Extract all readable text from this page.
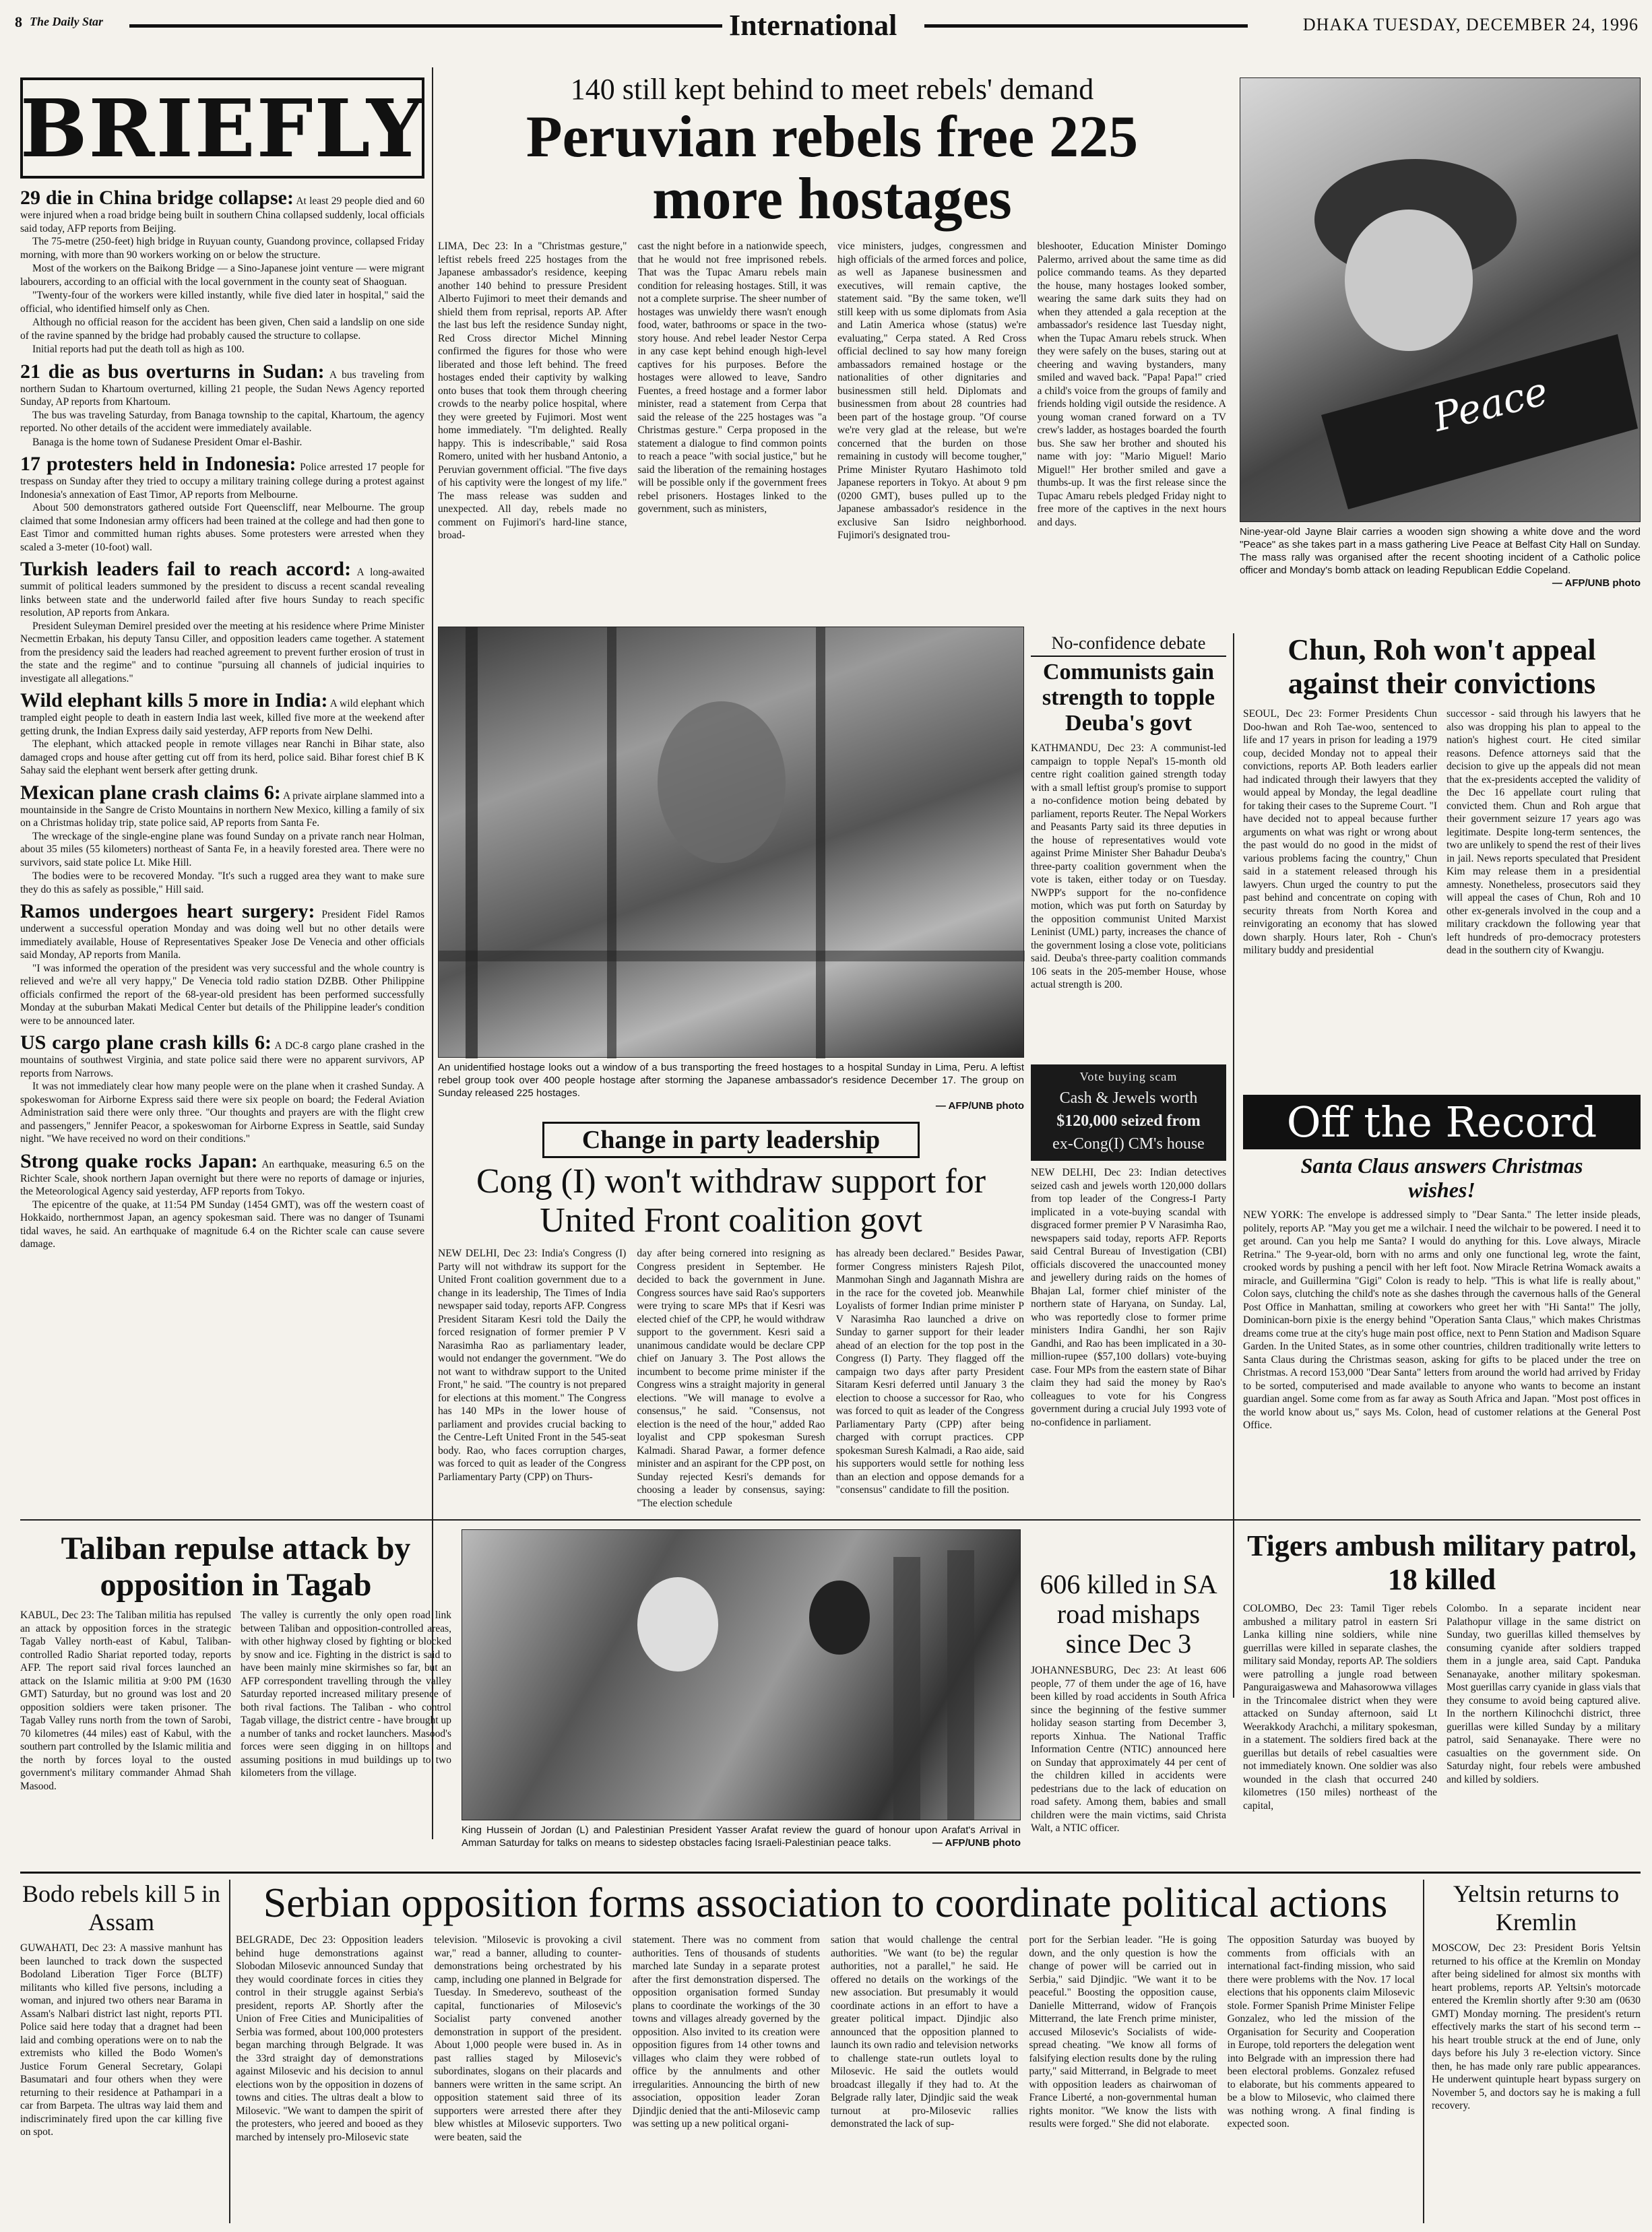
8 The Daily Star	International	DHAKA TUESDAY, DECEMBER 24, 1996
BRIEFLY
29 die in China bridge collapse: At least 29 people died and 60 were injured when a road bridge being built in southern China collapsed suddenly, local officials said today, AFP reports from Beijing.

The 75-metre (250-feet) high bridge in Ruyuan county, Guandong province, collapsed Friday morning, with more than 90 workers working on or below the structure.

Most of the workers on the Baikong Bridge — a Sino-Japanese joint venture — were migrant labourers, according to an official with the local government in the county seat of Shaoguan.

"Twenty-four of the workers were killed instantly, while five died later in hospital," said the official, who identified himself only as Chen.

Although no official reason for the accident has been given, Chen said a landslip on one side of the ravine spanned by the bridge had probably caused the structure to collapse.

Initial reports had put the death toll as high as 100.

21 die as bus overturns in Sudan: A bus traveling from northern Sudan to Khartoum overturned, killing 21 people, the Sudan News Agency reported Sunday, AP reports from Khartoum.

The bus was traveling Saturday, from Banaga township to the capital, Khartoum, the agency reported. No other details of the accident were immediately available.

Banaga is the home town of Sudanese President Omar el-Bashir.

17 protesters held in Indonesia: Police arrested 17 people for trespass on Sunday after they tried to occupy a military training college during a protest against Indonesia's annexation of East Timor, AP reports from Melbourne.

About 500 demonstrators gathered outside Fort Queenscliff, near Melbourne. The group claimed that some Indonesian army officers had been trained at the college and had then gone to East Timor and committed human rights abuses. Some protesters were arrested when they scaled a 3-meter (10-foot) wall.

Turkish leaders fail to reach accord: A long-awaited summit of political leaders summoned by the president to discuss a recent scandal revealing links between state and the underworld failed after five hours Sunday to reach specific resolution, AP reports from Ankara.

President Suleyman Demirel presided over the meeting at his residence where Prime Minister Necmettin Erbakan, his deputy Tansu Ciller, and opposition leaders came together. A statement from the presidency said the leaders had reached agreement to prevent further erosion of trust in the state and the regime" and to continue "pursuing all channels of judicial inquiries to investigate all allegations."

Wild elephant kills 5 more in India: A wild elephant which trampled eight people to death in eastern India last week, killed five more at the weekend after getting drunk, the Indian Express daily said yesterday, AFP reports from New Delhi.

The elephant, which attacked people in remote villages near Ranchi in Bihar state, also damaged crops and house after getting cut off from its herd, police said. Bihar forest chief B K Sahay said the elephant went berserk after getting drunk.

Mexican plane crash claims 6: A private airplane slammed into a mountainside in the Sangre de Cristo Mountains in northern New Mexico, killing a family of six on a Christmas holiday trip, state police said, AP reports from Santa Fe.

The wreckage of the single-engine plane was found Sunday on a private ranch near Holman, about 35 miles (55 kilometers) northeast of Santa Fe, in a heavily forested area. There were no survivors, said state police Lt. Mike Hill.

The bodies were to be recovered Monday. "It's such a rugged area they want to make sure they do this as safely as possible," Hill said.

Ramos undergoes heart surgery: President Fidel Ramos underwent a successful operation Monday and was doing well but no other details were immediately available, House of Representatives Speaker Jose De Venecia and other officials said Monday, AP reports from Manila.

"I was informed the operation of the president was very successful and the whole country is relieved and we're all very happy," De Venecia told radio station DZBB. Other Philippine officials confirmed the report of the 68-year-old president has been performed successfully Monday at the suburban Makati Medical Center but details of the Philippine leader's condition were to be announced later.

US cargo plane crash kills 6: A DC-8 cargo plane crashed in the mountains of southwest Virginia, and state police said there were no apparent survivors, AP reports from Narrows.

It was not immediately clear how many people were on the plane when it crashed Sunday. A spokeswoman for Airborne Express said there were six people on board; the Federal Aviation Administration said there were only three. "Our thoughts and prayers are with the flight crew and passengers," Jennifer Peacor, a spokeswoman for Airborne Express in Seattle, said Sunday night. "We have received no word on their conditions."

Strong quake rocks Japan: An earthquake, measuring 6.5 on the Richter Scale, shook northern Japan overnight but there were no reports of damage or injuries, the Meteorological Agency said yesterday, AFP reports from Tokyo.

The epicentre of the quake, at 11:54 PM Sunday (1454 GMT), was off the western coast of Hokkaido, northernmost Japan, an agency spokesman said. There was no danger of Tsunami tidal waves, he said. An earthquake of magnitude 6.4 on the Richter scale can cause severe damage.

140 still kept behind to meet rebels' demand
Peruvian rebels free 225
more hostages
LIMA, Dec 23: In a "Christmas gesture," leftist rebels freed 225 hostages from the Japanese ambassador's residence, keeping another 140 behind to pressure President Alberto Fujimori to meet their demands and shield them from reprisal, reports AP. After the last bus left the residence Sunday night, Red Cross director Michel Minning confirmed the figures for those who were liberated and those left behind. The freed hostages ended their captivity by walking onto buses that took them through cheering crowds to the nearby police hospital, where they were greeted by Fujimori. Most went home immediately. "I'm delighted. Really happy. This is indescribable," said Rosa Romero, united with her husband Antonio, a Peruvian government official. "The five days of his captivity were the longest of my life." The mass release was sudden and unexpected. All day, rebels made no comment on Fujimori's hard-line stance, broad-
cast the night before in a nationwide speech, that he would not free imprisoned rebels. That was the Tupac Amaru rebels main condition for releasing hostages. Still, it was not a complete surprise. The sheer number of hostages was unwieldy there wasn't enough food, water, bathrooms or space in the two-story house. And rebel leader Nestor Cerpa in any case kept behind enough high-level captives for his purposes. Before the hostages were allowed to leave, Sandro Fuentes, a freed hostage and a former labor minister, read a statement from Cerpa that said the release of the 225 hostages was "a Christmas gesture." Cerpa proposed in the statement a dialogue to find common points to reach a peace "with social justice," but he said the liberation of the remaining hostages will be possible only if the government frees rebel prisoners. Hostages linked to the government, such as ministers,
vice ministers, judges, congressmen and high officials of the armed forces and police, as well as Japanese businessmen and executives, will remain captive, the statement said. "By the same token, we'll still keep with us some diplomats from Asia and Latin America whose (status) we're evaluating," Cerpa stated. A Red Cross official declined to say how many foreign ambassadors remained hostage or the nationalities of other dignitaries and businessmen still held. Diplomats and businessmen from about 28 countries had been part of the hostage group. "Of course we're very glad at the release, but we're concerned that the burden on those remaining in custody will become tougher," Prime Minister Ryutaro Hashimoto told Japanese reporters in Tokyo. At about 9 pm (0200 GMT), buses pulled up to the Japanese ambassador's residence in the exclusive San Isidro neighborhood. Fujimori's designated trou-
bleshooter, Education Minister Domingo Palermo, arrived about the same time as did police commando teams. As they departed the house, many hostages looked somber, wearing the same dark suits they had on when they attended a gala reception at the ambassador's residence last Tuesday night, when the Tupac Amaru rebels struck. When they were safely on the buses, staring out at cheering and waving bystanders, many smiled and waved back. "Papa! Papa!" cried a child's voice from the groups of family and friends holding vigil outside the residence. A young woman craned forward on a TV crew's ladder, as hostages boarded the fourth bus. She saw her brother and shouted his name with joy: "Mario Miguel! Mario Miguel!" Her brother smiled and gave a thumbs-up. It was the first release since the Tupac Amaru rebels pledged Friday night to free more of the captives in the next hours and days.
An unidentified hostage looks out a window of a bus transporting the freed hostages to a hospital Sunday in Lima, Peru. A leftist rebel group took over 400 people hostage after storming the Japanese ambassador's residence December 17. The group on Sunday released 225 hostages.
— AFP/UNB photo
Peace
Nine-year-old Jayne Blair carries a wooden sign showing a white dove and the word "Peace" as she takes part in a mass gathering Live Peace at Belfast City Hall on Sunday. The mass rally was organised after the recent shooting incident of a Catholic police officer and Monday's bomb attack on leading Republican Eddie Copeland.
— AFP/UNB photo
No-confidence debate
Communists gain strength to topple Deuba's govt
KATHMANDU, Dec 23: A communist-led campaign to topple Nepal's 15-month old centre right coalition gained strength today with a small leftist group's promise to support a no-confidence motion being debated by parliament, reports Reuter. The Nepal Workers and Peasants Party said its three deputies in the house of representatives would vote against Prime Minister Sher Bahadur Deuba's three-party coalition government when the vote is taken, either today or on Tuesday. NWPP's support for the no-confidence motion, which was put forth on Saturday by the opposition communist United Marxist Leninist (UML) party, increases the chance of the government losing a close vote, politicians said. Deuba's three-party coalition commands 106 seats in the 205-member House, whose actual strength is 200.
Chun, Roh won't appeal against their convictions
SEOUL, Dec 23: Former Presidents Chun Doo-hwan and Roh Tae-woo, sentenced to life and 17 years in prison for leading a 1979 coup, decided Monday not to appeal their convictions, reports AP. Both leaders earlier had indicated through their lawyers that they would appeal by Monday, the legal deadline for taking their cases to the Supreme Court. "I have decided not to appeal because further arguments on what was right or wrong about the past would do no good in the midst of various problems facing the country," Chun said in a statement released through his lawyers. Chun urged the country to put the past behind and concentrate on coping with security threats from North Korea and reinvigorating an economy that has slowed down sharply. Hours later, Roh - Chun's military buddy and presidential
successor - said through his lawyers that he also was dropping his plan to appeal to the nation's highest court. He cited similar reasons. Defence attorneys said that the decision to give up the appeals did not mean that the ex-presidents accepted the validity of the Dec 16 appellate court ruling that convicted them. Chun and Roh argue that their government seizure 17 years ago was legitimate. Despite long-term sentences, the two are unlikely to spend the rest of their lives in jail. News reports speculated that President Kim may release them in a presidential amnesty. Nonetheless, prosecutors said they will appeal the cases of Chun, Roh and 10 other ex-generals involved in the coup and a military crackdown the following year that left hundreds of pro-democracy protesters dead in the southern city of Kwangju.
Change in party leadership
Cong (I) won't withdraw support for United Front coalition govt
NEW DELHI, Dec 23: India's Congress (I) Party will not withdraw its support for the United Front coalition government due to a change in its leadership, The Times of India newspaper said today, reports AFP. Congress President Sitaram Kesri told the Daily the forced resignation of former premier P V Narasimha Rao as parliamentary leader, would not endanger the government. "We do not want to withdraw support to the United Front," he said. "The country is not prepared for elections at this moment." The Congress has 140 MPs in the lower house of parliament and provides crucial backing to the Centre-Left United Front in the 545-seat body. Rao, who faces corruption charges, was forced to quit as leader of the Congress Parliamentary Party (CPP) on Thurs-
day after being cornered into resigning as Congress president in September. He decided to back the government in June. Congress sources have said Rao's supporters were trying to scare MPs that if Kesri was elected chief of the CPP, he would withdraw support to the government. Kesri said a unanimous candidate would be declare CPP chief on January 3. The Post allows the incumbent to become prime minister if the Congress wins a straight majority in general elections. "We will manage to evolve a consensus," he said. "Consensus, not election is the need of the hour," added Rao loyalist and CPP spokesman Suresh Kalmadi. Sharad Pawar, a former defence minister and an aspirant for the CPP post, on Sunday rejected Kesri's demands for choosing a leader by consensus, saying: "The election schedule
has already been declared." Besides Pawar, former Congress ministers Rajesh Pilot, Manmohan Singh and Jagannath Mishra are in the race for the coveted job. Meanwhile Loyalists of former Indian prime minister P V Narasimha Rao launched a drive on Sunday to garner support for their leader ahead of an election for the top post in the Congress (I) Party. They flagged off the campaign two days after party President Sitaram Kesri deferred until January 3 the election to choose a successor for Rao, who was forced to quit as leader of the Congress Parliamentary Party (CPP) after being charged with corrupt practices. CPP spokesman Suresh Kalmadi, a Rao aide, said his supporters would settle for nothing less than an election and oppose demands for a "consensus" candidate to fill the position.
Vote buying scam
Cash & Jewels worth
$120,000 seized from
ex-Cong(I) CM's house
NEW DELHI, Dec 23: Indian detectives seized cash and jewels worth 120,000 dollars from top leader of the Congress-I Party implicated in a vote-buying scandal with disgraced former premier P V Narasimha Rao, newspapers said today, reports AFP. Reports said Central Bureau of Investigation (CBI) officials discovered the unaccounted money and jewellery during raids on the homes of Bhajan Lal, former chief minister of the northern state of Haryana, on Sunday. Lal, who was reportedly close to former prime ministers Indira Gandhi, her son Rajiv Gandhi, and Rao has been implicated in a 30-million-rupee ($57,100 dollars) vote-buying case. Four MPs from the eastern state of Bihar claim they had said the money by Rao's colleagues to vote for his Congress government during a crucial July 1993 vote of no-confidence in parliament.
Off the Record
Santa Claus answers Christmas wishes!
NEW YORK: The envelope is addressed simply to "Dear Santa." The letter inside pleads, politely, reports AP. "May you get me a wilchair. I need the wilchair to be powered. I need it to get around. Can you help me Santa? I would do anything for this. Love always, Miracle Retrina." The 9-year-old, born with no arms and only one functional leg, wrote the faint, crooked words by pushing a pencil with her left foot. Now Miracle Retrina Womack awaits a miracle, and Guillermina "Gigi" Colon is ready to help. "This is what life is really about," Colon says, clutching the child's note as she dashes through the cavernous halls of the General Post Office in Manhattan, smiling at coworkers who greet her with "Hi Santa!" The jolly, Dominican-born pixie is the energy behind "Operation Santa Claus," which makes Christmas dreams come true at the city's huge main post office, next to Penn Station and Madison Square Garden. In the United States, as in some other countries, children traditionally write letters to Santa Claus during the Christmas season, asking for gifts to be placed under the tree on Christmas. A record 153,000 "Dear Santa" letters from around the world had arrived by Friday to be sorted, computerised and made available to anyone who wants to become an instant guardian angel. Some come from as far away as South Africa and Japan. "Most post offices in the world know about us," says Ms. Colon, head of customer relations at the General Post Office.
Taliban repulse attack by opposition in Tagab
KABUL, Dec 23: The Taliban militia has repulsed an attack by opposition forces in the strategic Tagab Valley north-east of Kabul, Taliban-controlled Radio Shariat reported today, reports AFP. The report said rival forces launched an attack on the Islamic militia at 9:00 PM (1630 GMT) Saturday, but no ground was lost and 20 opposition soldiers were taken prisoner. The Tagab Valley runs north from the town of Sarobi, 70 kilometres (44 miles) east of Kabul, with the southern part controlled by the Islamic militia and the north by forces loyal to the ousted government's military commander Ahmad Shah Masood.
The valley is currently the only open road link between Taliban and opposition-controlled areas, with other highway closed by fighting or blocked by snow and ice. Fighting in the district is said to have been mainly mine skirmishes so far, but an AFP correspondent travelling through the valley Saturday reported increased military presence of both rival factions. The Taliban - who control Tagab village, the district centre - have brought up a number of tanks and rocket launchers. Masood's forces were seen digging in on hilltops and assuming positions in mud buildings up to two kilometers from the village.
King Hussein of Jordan (L) and Palestinian President Yasser Arafat review the guard of honour upon Arafat's Arrival in Amman Saturday for talks on means to sidestep obstacles facing Israeli-Palestinian peace talks.	— AFP/UNB photo
606 killed in SA road mishaps since Dec 3
JOHANNESBURG, Dec 23: At least 606 people, 77 of them under the age of 16, have been killed by road accidents in South Africa since the beginning of the festive summer holiday season starting from December 3, reports Xinhua. The National Traffic Information Centre (NTIC) announced here on Sunday that approximately 44 per cent of the children killed in accidents were pedestrians due to the lack of education on road safety. Among them, babies and small children were the main victims, said Christa Walt, a NTIC officer.
Tigers ambush military patrol, 18 killed
COLOMBO, Dec 23: Tamil Tiger rebels ambushed a military patrol in eastern Sri Lanka killing nine soldiers, while nine guerrillas were killed in separate clashes, the military said Monday, reports AP. The soldiers were patrolling a jungle road between Panguraigaswewa and Mahasorowwa villages in the Trincomalee district when they were attacked on Sunday afternoon, said Lt Weerakkody Arachchi, a military spokesman, in a statement. The soldiers fired back at the guerillas but details of rebel casualties were not immediately known. One soldier was also wounded in the clash that occurred 240 kilometres (150 miles) northeast of the capital,
Colombo. In a separate incident near Palathopur village in the same district on Sunday, two guerillas killed themselves by consuming cyanide after soldiers trapped them in a jungle area, said Capt. Panduka Senanayake, another military spokesman. Most guerillas carry cyanide in glass vials that they consume to avoid being captured alive. In the northern Kilinochchi district, three guerillas were killed Sunday by a military patrol, said Senanayake. There were no casualties on the government side. On Saturday night, four rebels were ambushed and killed by soldiers.
Bodo rebels kill 5 in Assam
GUWAHATI, Dec 23: A massive manhunt has been launched to track down the suspected Bodoland Liberation Tiger Force (BLTF) militants who killed five persons, including a woman, and injured two others near Barama in Assam's Nalbari district last night, reports PTI. Police said here today that a dragnet had been laid and combing operations were on to nab the extremists who killed the Bodo Women's Justice Forum General Secretary, Golapi Basumatari and four others when they were returning to their residence at Pathampari in a car from Barpeta. The ultras way laid them and indiscriminately fired upon the car killing five on spot.
Serbian opposition forms association to coordinate political actions
BELGRADE, Dec 23: Opposition leaders behind huge demonstrations against Slobodan Milosevic announced Sunday that they would coordinate forces in cities they control in their struggle against Serbia's president, reports AP. Shortly after the Union of Free Cities and Municipalities of Serbia was formed, about 100,000 protesters began marching through Belgrade. It was the 33rd straight day of demonstrations against Milosevic and his decision to annul elections won by the opposition in dozens of towns and cities. The ultras dealt a blow to Milosevic. "We want to dampen the spirit of the protesters, who jeered and booed as they marched by intensely pro-Milosevic state
television. "Milosevic is provoking a civil war," read a banner, alluding to counter-demonstrations being orchestrated by his camp, including one planned in Belgrade for Tuesday. In Smederevo, southeast of the capital, functionaries of Milosevic's Socialist party convened another demonstration in support of the president. About 1,000 people were bused in. As in past rallies staged by Milosevic's subordinates, slogans on their placards and banners were written in the same script. An opposition statement said three of its supporters were arrested there after they blew whistles at Milosevic supporters. Two were beaten, said the
statement. There was no comment from authorities. Tens of thousands of students marched late Sunday in a separate protest after the first demonstration dispersed. The opposition organisation formed Sunday plans to coordinate the workings of the 30 towns and villages already governed by the opposition. Also invited to its creation were opposition figures from 14 other towns and villages who claim they were robbed of office by the annulments and other irregularities. Announcing the birth of new association, opposition leader Zoran Djindjic denied that the anti-Milosevic camp was setting up a new political organi-
sation that would challenge the central authorities. "We want (to be) the regular authorities, not a parallel," he said. He offered no details on the workings of the new association. But presumably it would coordinate actions in an effort to have a greater political impact. Djindjic also announced that the opposition planned to launch its own radio and television networks to challenge state-run outlets loyal to Milosevic. He said the outlets would broadcast illegally if they had to. At the Belgrade rally later, Djindjic said the weak turnout at pro-Milosevic rallies demonstrated the lack of sup-
port for the Serbian leader. "He is going down, and the only question is how the change of power will be carried out in Serbia," said Djindjic. "We want it to be peaceful." Boosting the opposition cause, Danielle Mitterrand, widow of François Mitterrand, the late French prime minister, accused Milosevic's Socialists of wide-spread cheating. "We know all forms of falsifying election results done by the ruling party," said Mitterrand, in Belgrade to meet with opposition leaders as chairwoman of France Liberté, a non-governmental human rights monitor. "We know the lists with results were forged." She did not elaborate.
The opposition Saturday was buoyed by comments from officials with an international fact-finding mission, who said there were problems with the Nov. 17 local elections that his opponents claim Milosevic stole. Former Spanish Prime Minister Felipe Gonzalez, who led the mission of the Organisation for Security and Cooperation in Europe, told reporters the delegation went into Belgrade with an impression there had been electoral problems. Gonzalez refused to elaborate, but his comments appeared to be a blow to Milosevic, who claimed there was nothing wrong. A final finding is expected soon.
Yeltsin returns to Kremlin
MOSCOW, Dec 23: President Boris Yeltsin returned to his office at the Kremlin on Monday after being sidelined for almost six months with heart problems, reports AP. Yeltsin's motorcade entered the Kremlin shortly after 9:30 am (0630 GMT) Monday morning. The president's return effectively marks the start of his second term -- his heart trouble struck at the end of June, only days before his July 3 re-election victory. Since then, he has made only rare public appearances. He underwent quintuple heart bypass surgery on November 5, and doctors say he is making a full recovery.
